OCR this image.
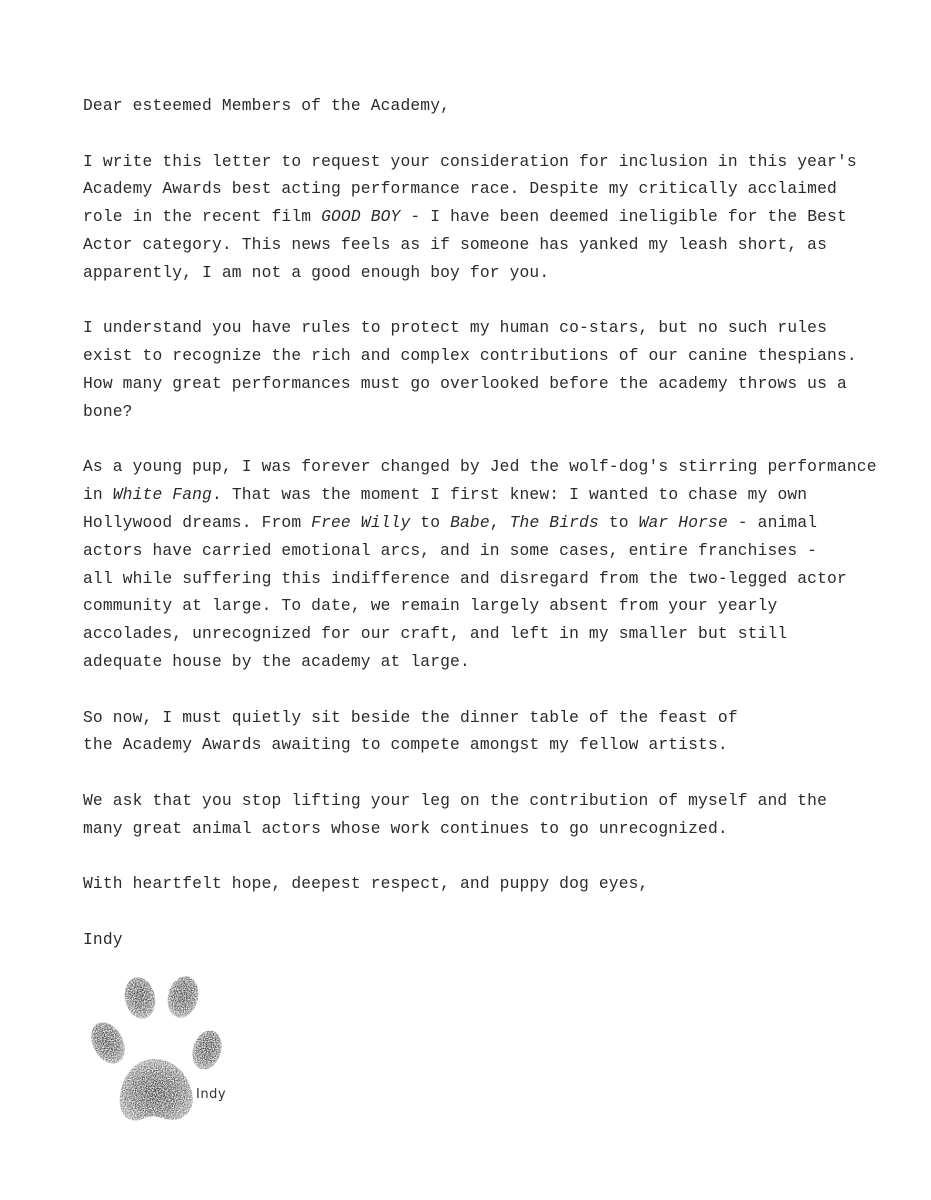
Dear esteemed Members of the Academy,

I write this letter to request your consideration for inclusion in this year's
Academy Awards best acting performance race. Despite my critically acclaimed
role in the recent film GOOD BOY - I have been deemed ineligible for the Best
Actor category. This news feels as if someone has yanked my leash short, as
apparently, I am not a good enough boy for you.

I understand you have rules to protect my human co-stars, but no such rules
exist to recognize the rich and complex contributions of our canine thespians.
How many great performances must go overlooked before the academy throws us a
bone?

As a young pup, I was forever changed by Jed the wolf-dog's stirring performance
in White Fang. That was the moment I first knew: I wanted to chase my own
Hollywood dreams. From Free Willy to Babe, The Birds to War Horse - animal
actors have carried emotional arcs, and in some cases, entire franchises -
all while suffering this indifference and disregard from the two-legged actor
community at large. To date, we remain largely absent from your yearly
accolades, unrecognized for our craft, and left in my smaller but still
adequate house by the academy at large.

So now, I must quietly sit beside the dinner table of the feast of
the Academy Awards awaiting to compete amongst my fellow artists.

We ask that you stop lifting your leg on the contribution of myself and the
many great animal actors whose work continues to go unrecognized.

With heartfelt hope, deepest respect, and puppy dog eyes,

Indy

Indy
